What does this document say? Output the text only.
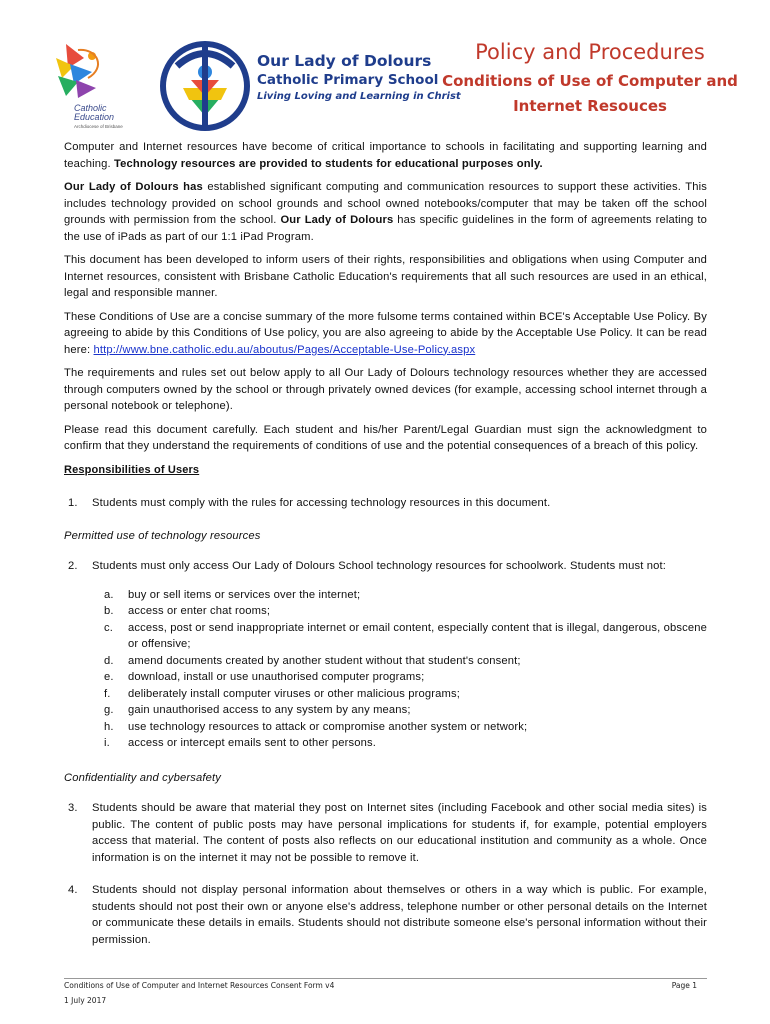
Catholic
Education
Archdiocese of Brisbane
Our Lady of Dolours
Catholic Primary School
Living Loving and Learning in Christ
Policy and Procedures
Conditions of Use of Computer and
Internet Resouces

Computer and Internet resources have become of critical importance to schools in facilitating and supporting learning and teaching. Technology resources are provided to students for educational purposes only.

Our Lady of Dolours has established significant computing and communication resources to support these activities. This includes technology provided on school grounds and school owned notebooks/computer that may be taken off the school grounds with permission from the school. Our Lady of Dolours has specific guidelines in the form of agreements relating to the use of iPads as part of our 1:1 iPad Program.

This document has been developed to inform users of their rights, responsibilities and obligations when using Computer and Internet resources, consistent with Brisbane Catholic Education's requirements that all such resources are used in an ethical, legal and responsible manner.

These Conditions of Use are a concise summary of the more fulsome terms contained within BCE's Acceptable Use Policy. By agreeing to abide by this Conditions of Use policy, you are also agreeing to abide by the Acceptable Use Policy. It can be read here: http://www.bne.catholic.edu.au/aboutus/Pages/Acceptable-Use-Policy.aspx

The requirements and rules set out below apply to all Our Lady of Dolours technology resources whether they are accessed through computers owned by the school or through privately owned devices (for example, accessing school internet through a personal notebook or telephone).

Please read this document carefully. Each student and his/her Parent/Legal Guardian must sign the acknowledgment to confirm that they understand the requirements of conditions of use and the potential consequences of a breach of this policy.

Responsibilities of Users

1.	Students must comply with the rules for accessing technology resources in this document.

Permitted use of technology resources

2.	Students must only access Our Lady of Dolours School technology resources for schoolwork. Students must not:
a.	buy or sell items or services over the internet;
b.	access or enter chat rooms;
c.	access, post or send inappropriate internet or email content, especially content that is illegal, dangerous, obscene or offensive;
d.	amend documents created by another student without that student's consent;
e.	download, install or use unauthorised computer programs;
f.	deliberately install computer viruses or other malicious programs;
g.	gain unauthorised access to any system by any means;
h.	use technology resources to attack or compromise another system or network;
i.	access or intercept emails sent to other persons.

Confidentiality and cybersafety

3.	Students should be aware that material they post on Internet sites (including Facebook and other social media sites) is public. The content of public posts may have personal implications for students if, for example, potential employers access that material. The content of posts also reflects on our educational institution and community as a whole. Once information is on the internet it may not be possible to remove it.
4.	Students should not display personal information about themselves or others in a way which is public. For example, students should not post their own or anyone else's address, telephone number or other personal details on the Internet or communicate these details in emails. Students should not distribute someone else's personal information without their permission.
Conditions of Use of Computer and Internet Resources Consent Form v4	Page 1
1 July 2017
